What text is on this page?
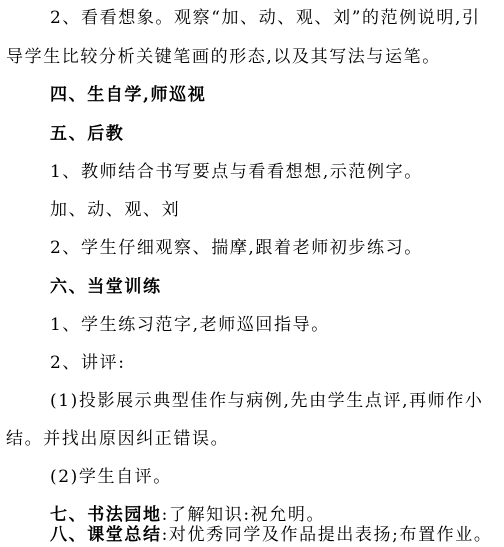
2、看看想象。观察“加、动、观、刘”的范例说明,引
导学生比较分析关键笔画的形态,以及其写法与运笔。
四、生自学,师巡视
五、后教
1、教师结合书写要点与看看想想,示范例字。
加、动、观、刘
2、学生仔细观察、揣摩,跟着老师初步练习。
六、当堂训练
1、学生练习范字,老师巡回指导。
2、讲评:
(1)投影展示典型佳作与病例,先由学生点评,再师作小
结。并找出原因纠正错误。
(2)学生自评。
七、书法园地:了解知识:祝允明。
八、课堂总结:对优秀同学及作品提出表扬;布置作业。
